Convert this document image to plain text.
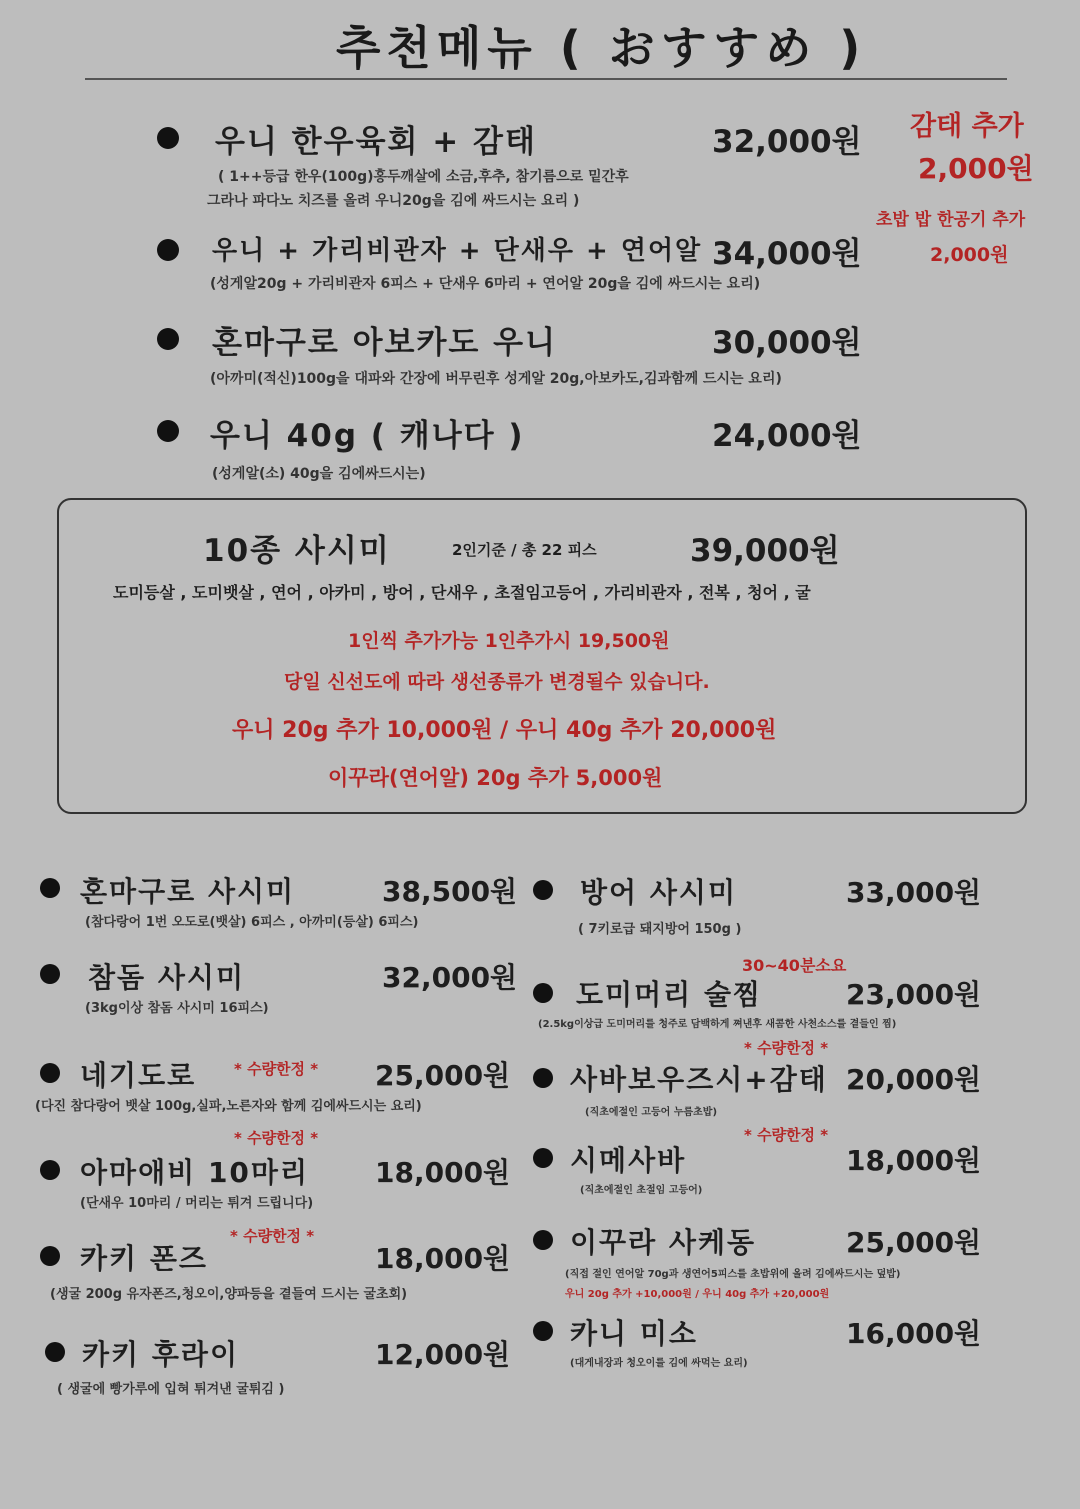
추천메뉴 ( おすすめ )
우니 한우육회 + 감태	32,000원
( 1++등급 한우(100g)홍두깨살에 소금,후추, 참기름으로 밑간후
그라나 파다노 치즈를 올려 우니20g을 김에 싸드시는 요리 )
우니 + 가리비관자 + 단새우 + 연어알 34,000원
(성게알20g + 가리비관자 6피스 + 단새우 6마리 + 연어알 20g을 김에 싸드시는 요리)
혼마구로 아보카도 우니	30,000원
(아까미(적신)100g을 대파와 간장에 버무린후 성게알 20g,아보카도,김과함께 드시는 요리)
우니 40g ( 캐나다 )	24,000원
(성게알(소) 40g을 김에싸드시는)
감태 추가
2,000원
초밥 밥 한공기 추가
2,000원
10종 사시미	2인기준 / 총 22 피스	39,000원
도미등살 , 도미뱃살 , 연어 , 아카미 , 방어 , 단새우 , 초절임고등어 , 가리비관자 , 전복 , 청어 , 굴
1인씩 추가가능 1인추가시 19,500원
당일 신선도에 따라 생선종류가 변경될수 있습니다.
우니 20g 추가 10,000원 / 우니 40g 추가 20,000원
이꾸라(연어알) 20g 추가 5,000원
혼마구로 사시미	38,500원
(참다랑어 1번 오도로(뱃살) 6피스 , 아까미(등살) 6피스)
참돔 사시미	32,000원
(3kg이상 참돔 사시미 16피스)
* 수량한정 *
네기도로	25,000원
(다진 참다랑어 뱃살 100g,실파,노른자와 함께 김에싸드시는 요리)
* 수량한정 *
아마애비 10마리 18,000원
(단새우 10마리 / 머리는 튀겨 드립니다)
* 수량한정 *
카키 폰즈	18,000원
(생굴 200g 유자폰즈,청오이,양파등을 곁들여 드시는 굴초회)
카키 후라이	12,000원
( 생굴에 빵가루에 입혀 튀겨낸 굴튀김 )
방어 사시미	33,000원
( 7키로급 돼지방어 150g )
30~40분소요
도미머리 술찜	23,000원
(2.5kg이상급 도미머리를 청주로 담백하게 쪄낸후 새콤한 사천소스를 곁들인 찜)
* 수량한정 *
사바보우즈시+감태 20,000원
(직초에절인 고등어 누름초밥)
* 수량한정 *
시메사바	18,000원
(직초에절인 초절임 고등어)
이꾸라 사케동	25,000원
(직접 절인 연어알 70g과 생연어5피스를 초밥위에 올려 김에싸드시는 덮밥)
우니 20g 추가 +10,000원 / 우니 40g 추가 +20,000원
카니 미소	16,000원
(대게내장과 청오이를 김에 싸먹는 요리)
